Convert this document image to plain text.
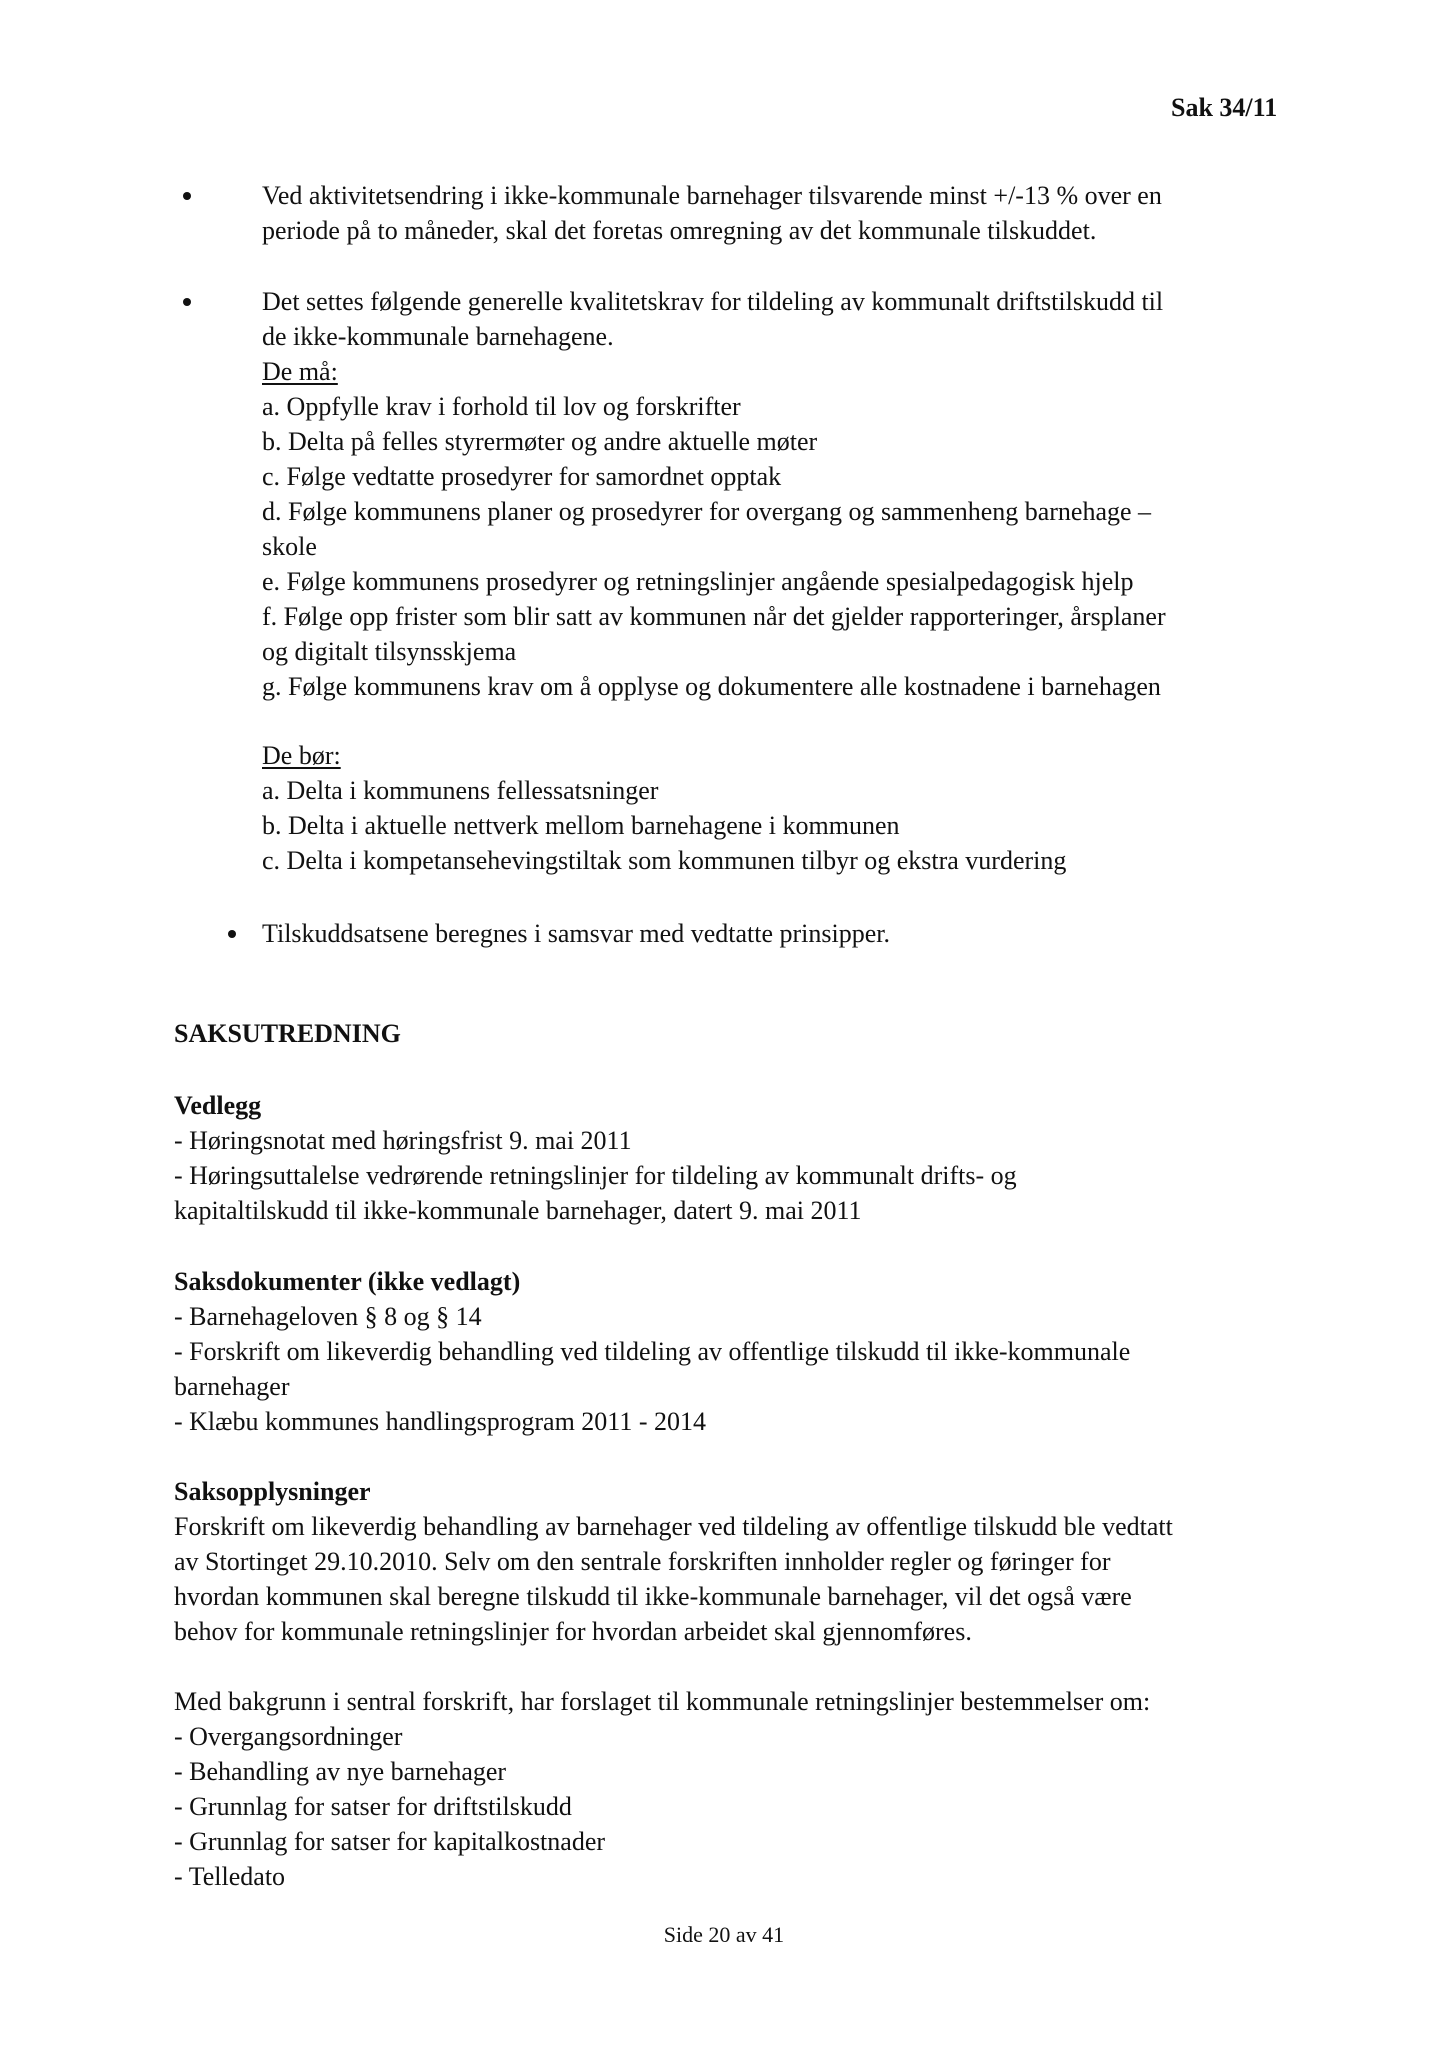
Sak 34/11
Ved aktivitetsendring i ikke-kommunale barnehager tilsvarende minst +/-13 % over en
periode på to måneder, skal det foretas omregning av det kommunale tilskuddet.
Det settes følgende generelle kvalitetskrav for tildeling av kommunalt driftstilskudd til
de ikke-kommunale barnehagene.
De må:
a. Oppfylle krav i forhold til lov og forskrifter
b. Delta på felles styrermøter og andre aktuelle møter
c. Følge vedtatte prosedyrer for samordnet opptak
d. Følge kommunens planer og prosedyrer for overgang og sammenheng barnehage –
skole
e. Følge kommunens prosedyrer og retningslinjer angående spesialpedagogisk hjelp
f. Følge opp frister som blir satt av kommunen når det gjelder rapporteringer, årsplaner
og digitalt tilsynsskjema
g. Følge kommunens krav om å opplyse og dokumentere alle kostnadene i barnehagen
De bør:
a. Delta i kommunens fellessatsninger
b. Delta i aktuelle nettverk mellom barnehagene i kommunen
c. Delta i kompetansehevingstiltak som kommunen tilbyr og ekstra vurdering
Tilskuddsatsene beregnes i samsvar med vedtatte prinsipper.
SAKSUTREDNING
Vedlegg
- Høringsnotat med høringsfrist 9. mai 2011
- Høringsuttalelse vedrørende retningslinjer for tildeling av kommunalt drifts- og
kapitaltilskudd til ikke-kommunale barnehager, datert 9. mai 2011
Saksdokumenter (ikke vedlagt)
- Barnehageloven § 8 og § 14
- Forskrift om likeverdig behandling ved tildeling av offentlige tilskudd til ikke-kommunale
barnehager
- Klæbu kommunes handlingsprogram 2011 - 2014
Saksopplysninger
Forskrift om likeverdig behandling av barnehager ved tildeling av offentlige tilskudd ble vedtatt
av Stortinget 29.10.2010. Selv om den sentrale forskriften innholder regler og føringer for
hvordan kommunen skal beregne tilskudd til ikke-kommunale barnehager, vil det også være
behov for kommunale retningslinjer for hvordan arbeidet skal gjennomføres.
Med bakgrunn i sentral forskrift, har forslaget til kommunale retningslinjer bestemmelser om:
- Overgangsordninger
- Behandling av nye barnehager
- Grunnlag for satser for driftstilskudd
- Grunnlag for satser for kapitalkostnader
- Telledato
Side 20 av 41
